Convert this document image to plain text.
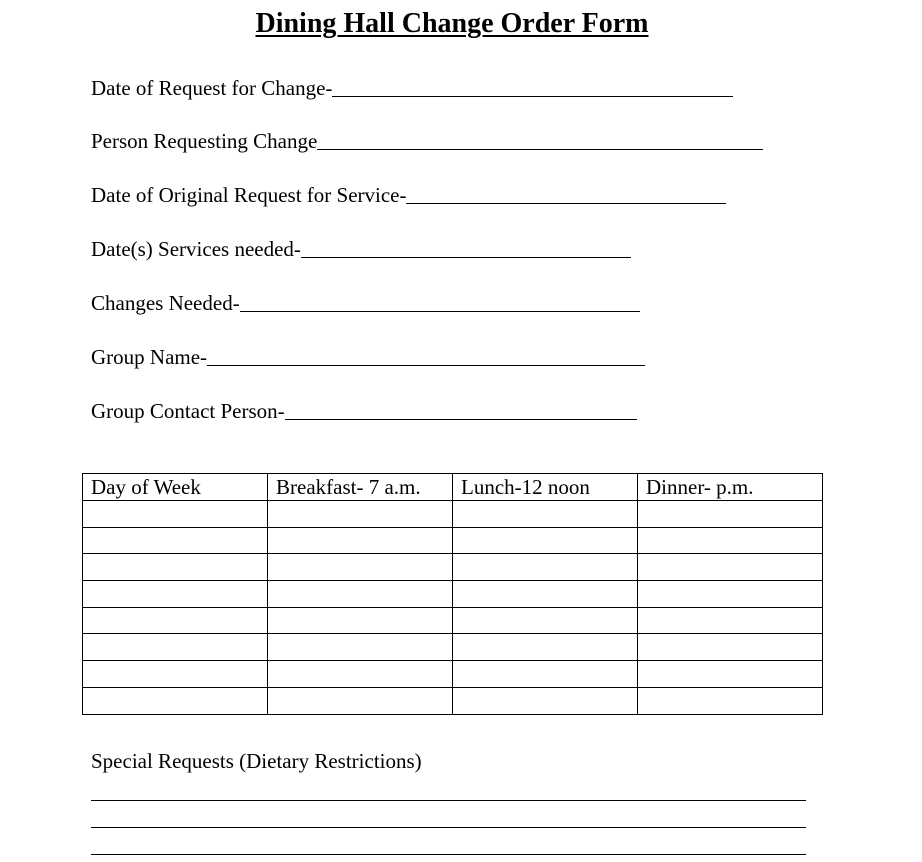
Dining Hall Change Order Form
Date of Request for Change-
Person Requesting Change
Date of Original Request for Service-
Date(s) Services needed-
Changes Needed-
Group Name-
Group Contact Person-
Day of Week	Breakfast- 7 a.m.	Lunch-12 noon	Dinner- p.m.

Special Requests (Dietary Restrictions)
